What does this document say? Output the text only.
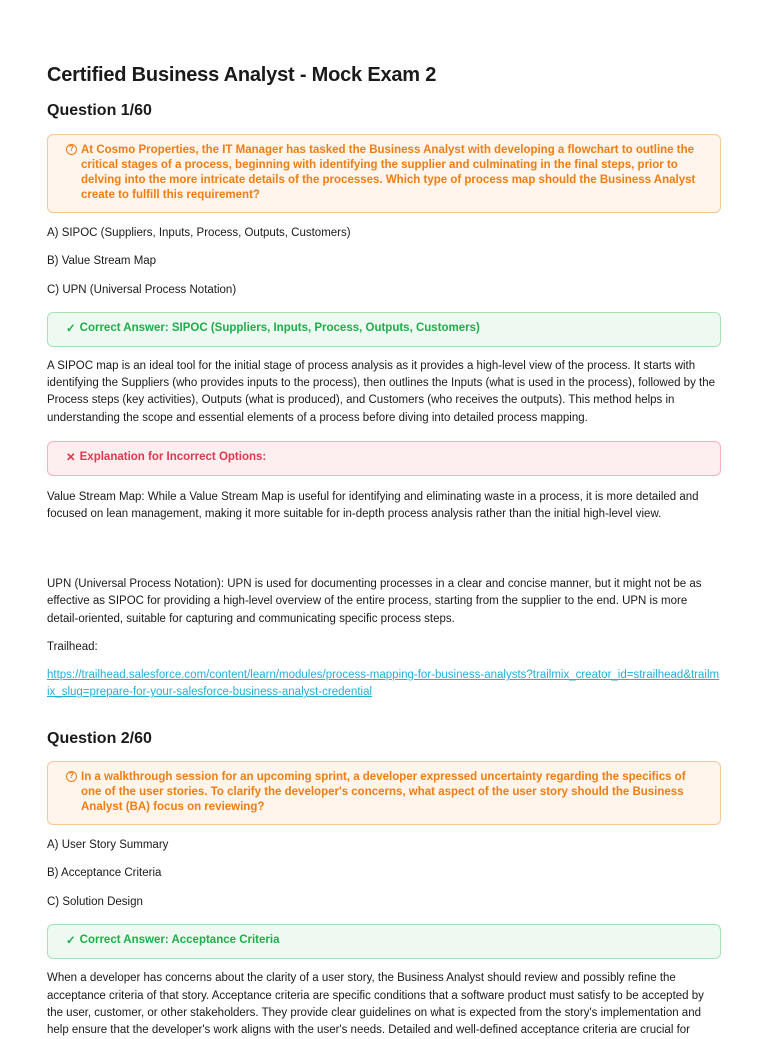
Certified Business Analyst - Mock Exam 2
Question 1/60
? At Cosmo Properties, the IT Manager has tasked the Business Analyst with developing a flowchart to outline the critical stages of a process, beginning with identifying the supplier and culminating in the final steps, prior to delving into the more intricate details of the processes. Which type of process map should the Business Analyst create to fulfill this requirement?

A) SIPOC (Suppliers, Inputs, Process, Outputs, Customers)

B) Value Stream Map

C) UPN (Universal Process Notation)

✓ Correct Answer: SIPOC (Suppliers, Inputs, Process, Outputs, Customers)

A SIPOC map is an ideal tool for the initial stage of process analysis as it provides a high-level view of the process. It starts with identifying the Suppliers (who provides inputs to the process), then outlines the Inputs (what is used in the process), followed by the Process steps (key activities), Outputs (what is produced), and Customers (who receives the outputs). This method helps in understanding the scope and essential elements of a process before diving into detailed process mapping.

✕ Explanation for Incorrect Options:

Value Stream Map: While a Value Stream Map is useful for identifying and eliminating waste in a process, it is more detailed and focused on lean management, making it more suitable for in-depth process analysis rather than the initial high-level view.

UPN (Universal Process Notation): UPN is used for documenting processes in a clear and concise manner, but it might not be as effective as SIPOC for providing a high-level overview of the entire process, starting from the supplier to the end. UPN is more detail-oriented, suitable for capturing and communicating specific process steps.

Trailhead:

https://trailhead.salesforce.com/content/learn/modules/process-mapping-for-business-analysts?trailmix_creator_id=strailhead&trailmix_slug=prepare-for-your-salesforce-business-analyst-credential

Question 2/60
? In a walkthrough session for an upcoming sprint, a developer expressed uncertainty regarding the specifics of one of the user stories. To clarify the developer's concerns, what aspect of the user story should the Business Analyst (BA) focus on reviewing?

A) User Story Summary

B) Acceptance Criteria

C) Solution Design

✓ Correct Answer: Acceptance Criteria

When a developer has concerns about the clarity of a user story, the Business Analyst should review and possibly refine the acceptance criteria of that story. Acceptance criteria are specific conditions that a software product must satisfy to be accepted by the user, customer, or other stakeholders. They provide clear guidelines on what is expected from the story's implementation and help ensure that the developer's work aligns with the user's needs. Detailed and well-defined acceptance criteria are crucial for
